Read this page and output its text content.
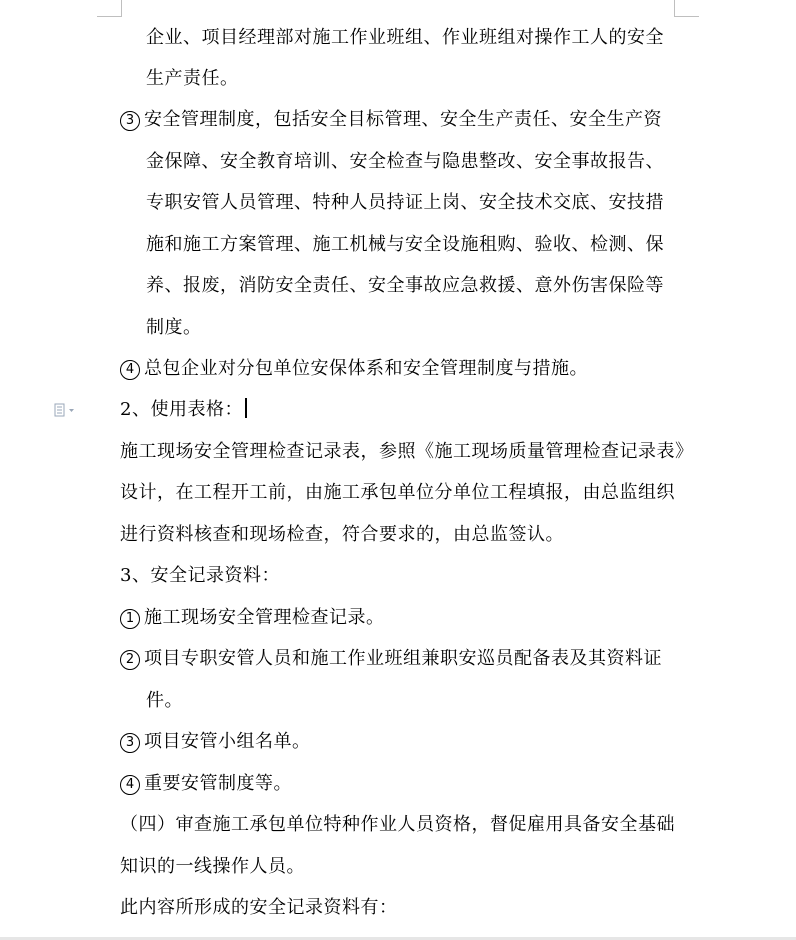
企业、项目经理部对施工作业班组、作业班组对操作工人的安全
生产责任。
3 安全管理制度，包括安全目标管理、安全生产责任、安全生产资
金保障、安全教育培训、安全检查与隐患整改、安全事故报告、
专职安管人员管理、特种人员持证上岗、安全技术交底、安技措
施和施工方案管理、施工机械与安全设施租购、验收、检测、保
养、报废，消防安全责任、安全事故应急救援、意外伤害保险等
制度。
4 总包企业对分包单位安保体系和安全管理制度与措施。
2、使用表格：
施工现场安全管理检查记录表，参照《施工现场质量管理检查记录表》
设计，在工程开工前，由施工承包单位分单位工程填报，由总监组织
进行资料核查和现场检查，符合要求的，由总监签认。
3、安全记录资料：
1 施工现场安全管理检查记录。
2 项目专职安管人员和施工作业班组兼职安巡员配备表及其资料证
件。
3 项目安管小组名单。
4 重要安管制度等。
（四）审查施工承包单位特种作业人员资格，督促雇用具备安全基础
知识的一线操作人员。
此内容所形成的安全记录资料有：
